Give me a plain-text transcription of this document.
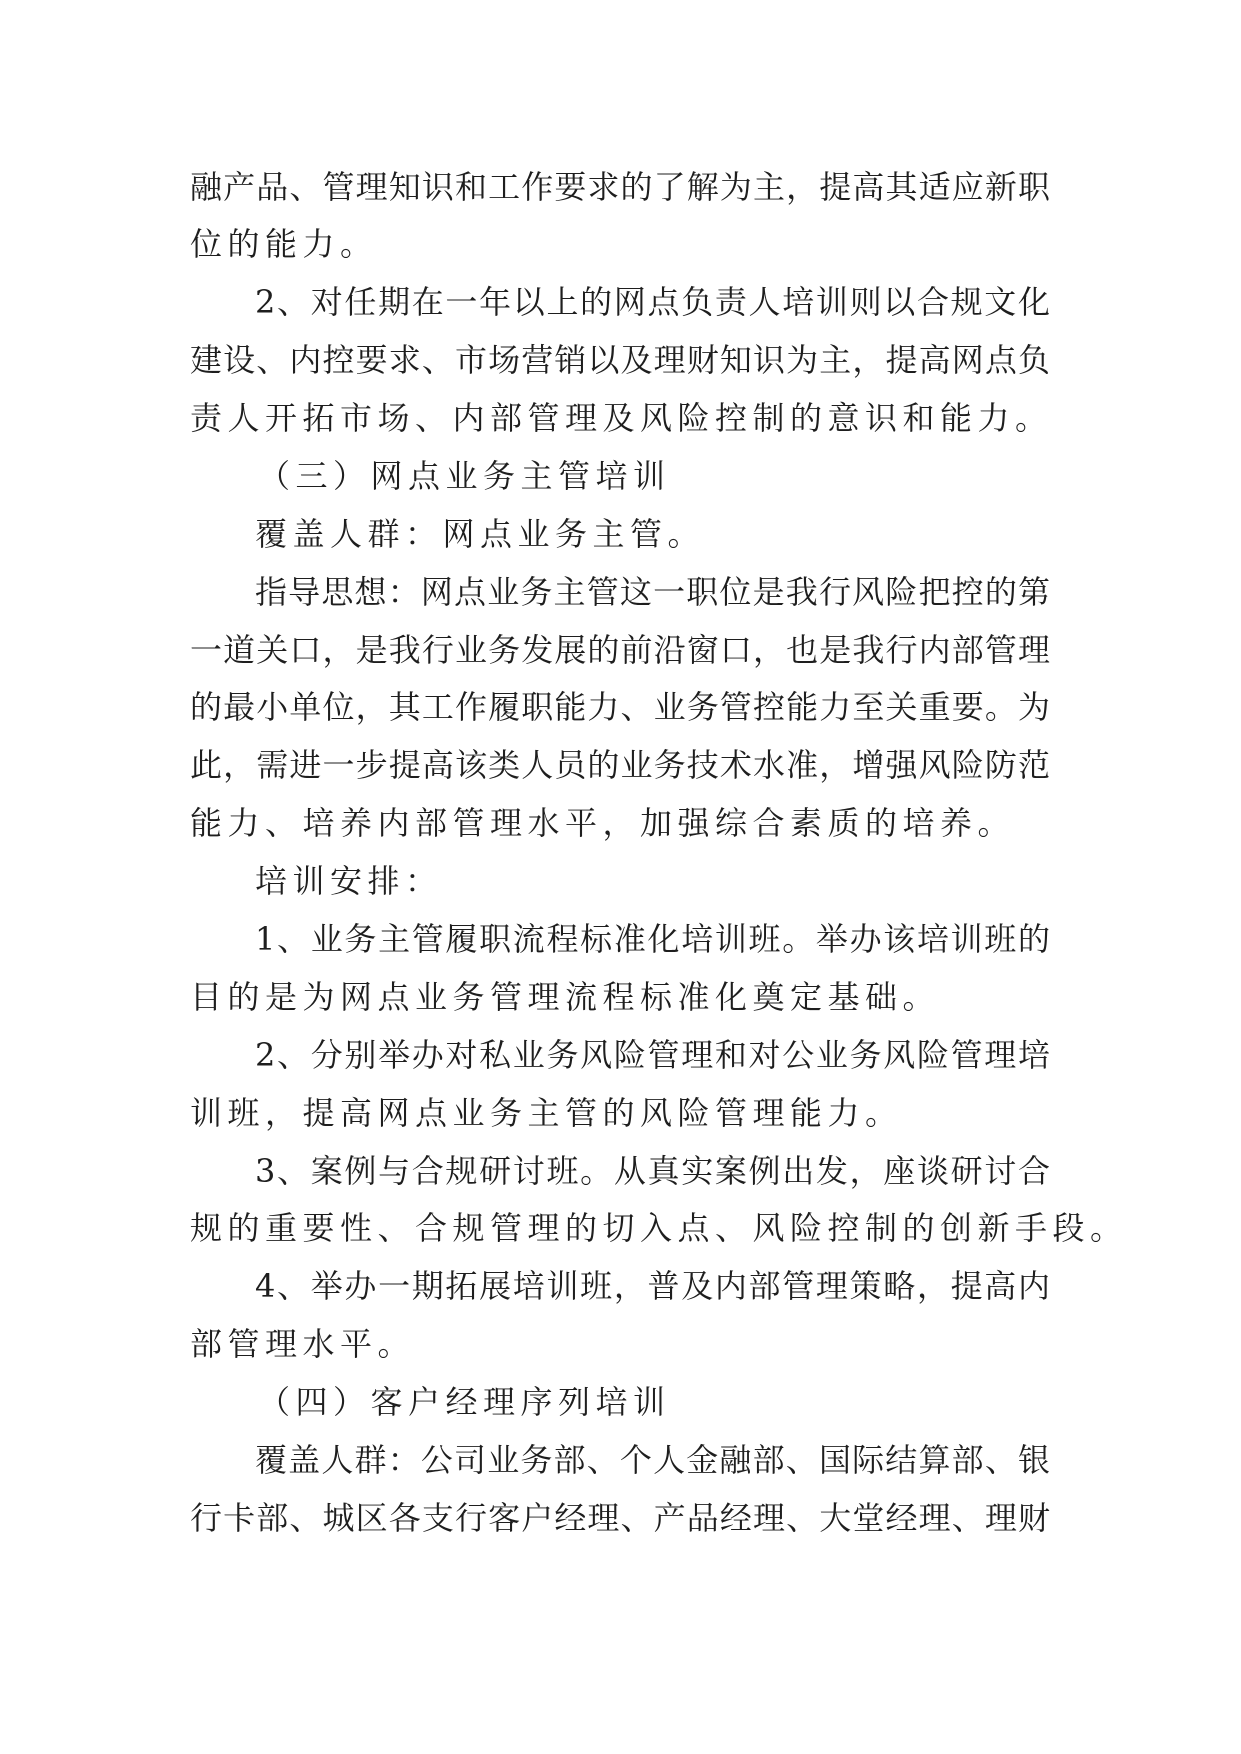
融产品、管理知识和工作要求的了解为主，提高其适应新职
位的能力。
2、对任期在一年以上的网点负责人培训则以合规文化
建设、内控要求、市场营销以及理财知识为主，提高网点负
责人开拓市场、内部管理及风险控制的意识和能力。
（三）网点业务主管培训
覆盖人群：网点业务主管。
指导思想：网点业务主管这一职位是我行风险把控的第
一道关口，是我行业务发展的前沿窗口，也是我行内部管理
的最小单位，其工作履职能力、业务管控能力至关重要。为
此，需进一步提高该类人员的业务技术水准，增强风险防范
能力、培养内部管理水平，加强综合素质的培养。
培训安排：
1、业务主管履职流程标准化培训班。举办该培训班的
目的是为网点业务管理流程标准化奠定基础。
2、分别举办对私业务风险管理和对公业务风险管理培
训班，提高网点业务主管的风险管理能力。
3、案例与合规研讨班。从真实案例出发，座谈研讨合
规的重要性、合规管理的切入点、风险控制的创新手段。
4、举办一期拓展培训班，普及内部管理策略，提高内
部管理水平。
（四）客户经理序列培训
覆盖人群：公司业务部、个人金融部、国际结算部、银
行卡部、城区各支行客户经理、产品经理、大堂经理、理财
